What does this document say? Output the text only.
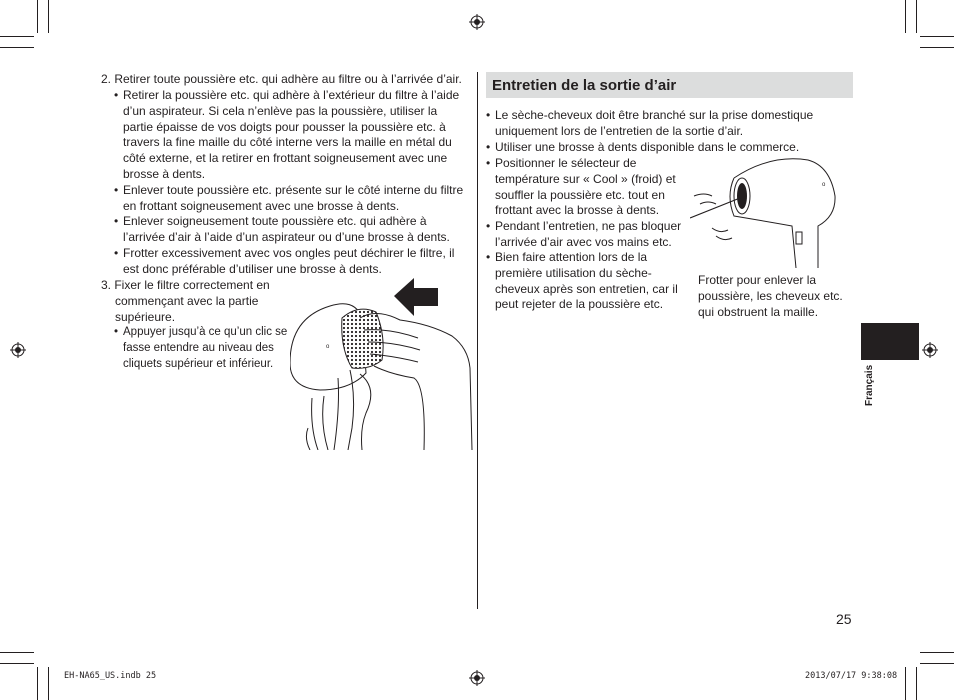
2. Retirer toute poussière etc. qui adhère au filtre ou à l’arrivée d’air.
• Retirer la poussière etc. qui adhère à l’extérieur du filtre à l’aide
d’un aspirateur. Si cela n’enlève pas la poussière, utiliser la
partie épaisse de vos doigts pour pousser la poussière etc. à
travers la fine maille du côté interne vers la maille en métal du
côté externe, et la retirer en frottant soigneusement avec une
brosse à dents.
• Enlever toute poussière etc. présente sur le côté interne du filtre
en frottant soigneusement avec une brosse à dents.
• Enlever soigneusement toute poussière etc. qui adhère à
l’arrivée d’air à l’aide d’un aspirateur ou d’une brosse à dents.
• Frotter excessivement avec vos ongles peut déchirer le filtre, il
est donc préférable d’utiliser une brosse à dents.
3. Fixer le filtre correctement en
commençant avec la partie
supérieure.
• Appuyer jusqu’à ce qu’un clic se
fasse entendre au niveau des
cliquets supérieur et inférieur.
o
Entretien de la sortie d’air
• Le sèche-cheveux doit être branché sur la prise domestique
uniquement lors de l’entretien de la sortie d’air.
• Utiliser une brosse à dents disponible dans le commerce.
• Positionner le sélecteur de
température sur « Cool » (froid) et
souffler la poussière etc. tout en
frottant avec la brosse à dents.
• Pendant l’entretien, ne pas bloquer
l’arrivée d’air avec vos mains etc.
• Bien faire attention lors de la
première utilisation du sèche-
cheveux après son entretien, car il
peut rejeter de la poussière etc.
o
Frotter pour enlever la
poussière, les cheveux etc.
qui obstruent la maille.
Français
25
EH-NA65_US.indb 25	2013/07/17 9:38:08
